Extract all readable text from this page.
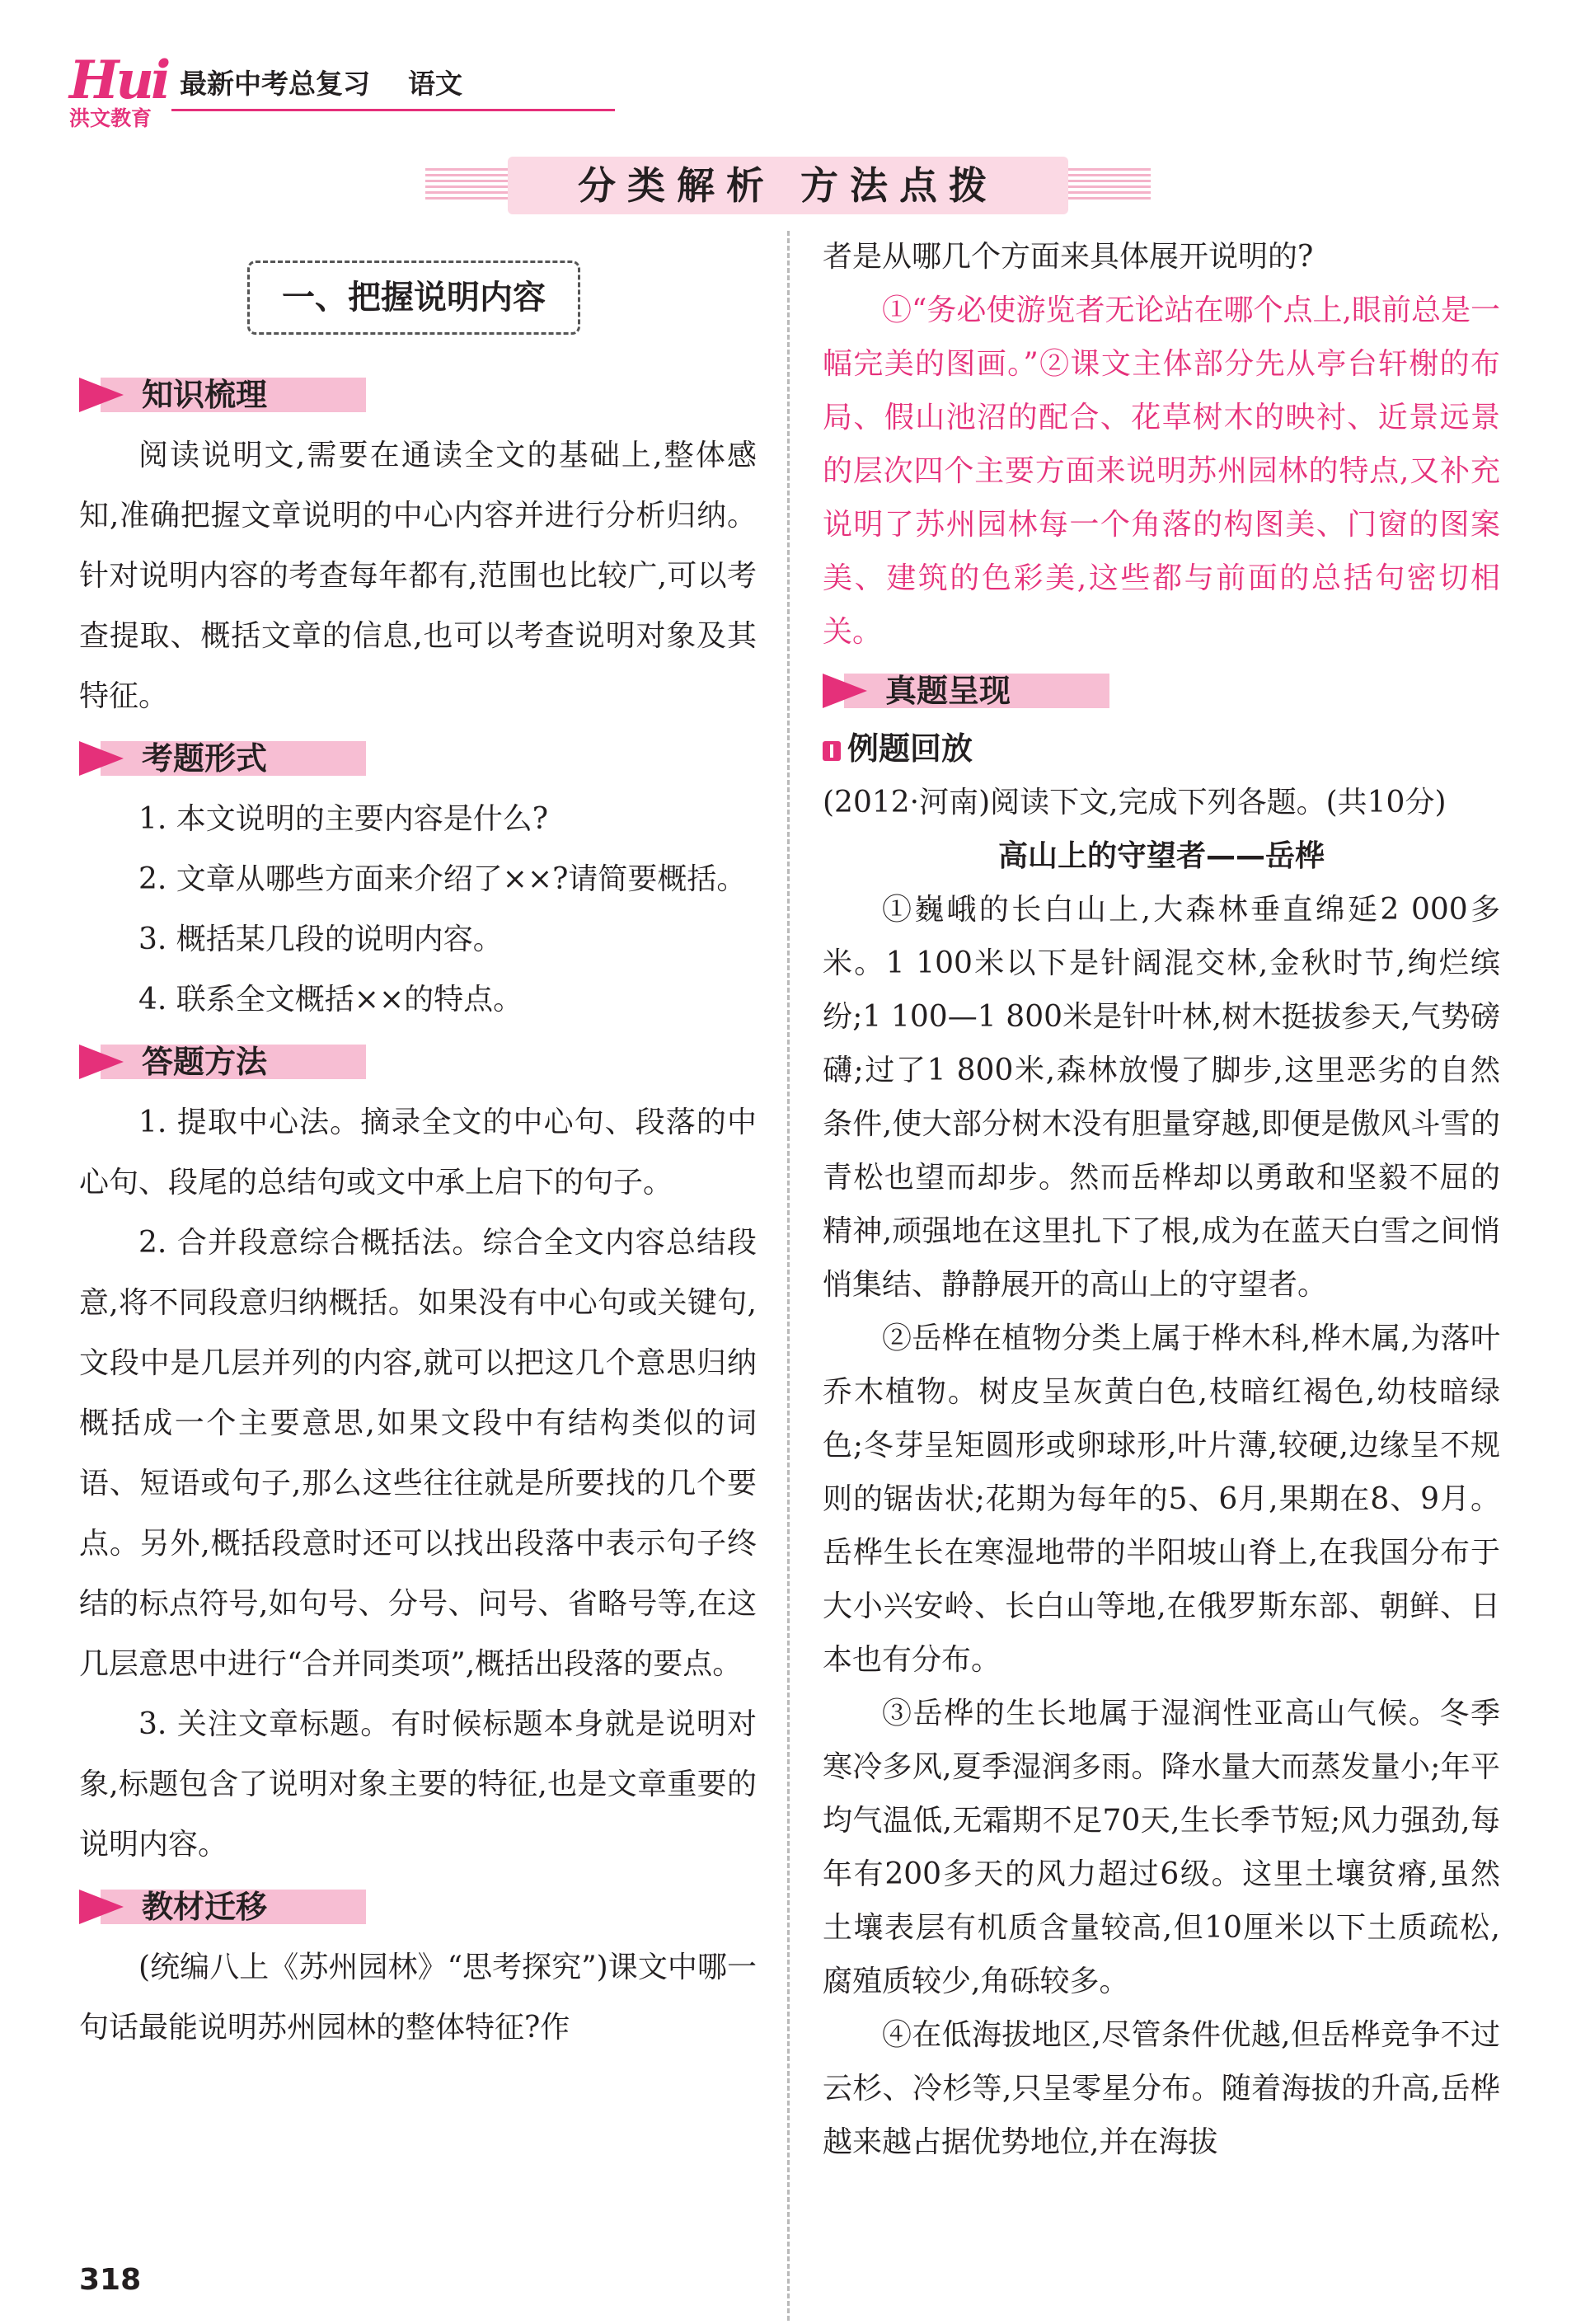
Hui
洪文教育
最新中考总复习 语文
分类解析 方法点拨
一、把握说明内容
知识梳理

阅读说明文,需要在通读全文的基础上,整体感知,准确把握文章说明的中心内容并进行分析归纳。针对说明内容的考查每年都有,范围也比较广,可以考查提取、概括文章的信息,也可以考查说明对象及其特征。

考题形式

1. 本文说明的主要内容是什么?

2. 文章从哪些方面来介绍了××?请简要概括。

3. 概括某几段的说明内容。

4. 联系全文概括××的特点。

答题方法

1. 提取中心法。摘录全文的中心句、段落的中心句、段尾的总结句或文中承上启下的句子。

2. 合并段意综合概括法。综合全文内容总结段意,将不同段意归纳概括。如果没有中心句或关键句,文段中是几层并列的内容,就可以把这几个意思归纳概括成一个主要意思,如果文段中有结构类似的词语、短语或句子,那么这些往往就是所要找的几个要点。另外,概括段意时还可以找出段落中表示句子终结的标点符号,如句号、分号、问号、省略号等,在这几层意思中进行“合并同类项”,概括出段落的要点。

3. 关注文章标题。有时候标题本身就是说明对象,标题包含了说明对象主要的特征,也是文章重要的说明内容。

教材迁移

(统编八上《苏州园林》“思考探究”)课文中哪一句话最能说明苏州园林的整体特征?作

者是从哪几个方面来具体展开说明的?

①“务必使游览者无论站在哪个点上,眼前总是一幅完美的图画。”②课文主体部分先从亭台轩榭的布局、假山池沼的配合、花草树木的映衬、近景远景的层次四个主要方面来说明苏州园林的特点,又补充说明了苏州园林每一个角落的构图美、门窗的图案美、建筑的色彩美,这些都与前面的总括句密切相关。

真题呈现

例题回放

(2012·河南)阅读下文,完成下列各题。(共10分)

高山上的守望者——岳桦

①巍峨的长白山上,大森林垂直绵延2 000多米。1 100米以下是针阔混交林,金秋时节,绚烂缤纷;1 100—1 800米是针叶林,树木挺拔参天,气势磅礴;过了1 800米,森林放慢了脚步,这里恶劣的自然条件,使大部分树木没有胆量穿越,即便是傲风斗雪的青松也望而却步。然而岳桦却以勇敢和坚毅不屈的精神,顽强地在这里扎下了根,成为在蓝天白雪之间悄悄集结、静静展开的高山上的守望者。

②岳桦在植物分类上属于桦木科,桦木属,为落叶乔木植物。树皮呈灰黄白色,枝暗红褐色,幼枝暗绿色;冬芽呈矩圆形或卵球形,叶片薄,较硬,边缘呈不规则的锯齿状;花期为每年的5、6月,果期在8、9月。岳桦生长在寒湿地带的半阳坡山脊上,在我国分布于大小兴安岭、长白山等地,在俄罗斯东部、朝鲜、日本也有分布。

③岳桦的生长地属于湿润性亚高山气候。冬季寒冷多风,夏季湿润多雨。降水量大而蒸发量小;年平均气温低,无霜期不足70天,生长季节短;风力强劲,每年有200多天的风力超过6级。这里土壤贫瘠,虽然土壤表层有机质含量较高,但10厘米以下土质疏松,腐殖质较少,角砾较多。

④在低海拔地区,尽管条件优越,但岳桦竞争不过云杉、冷杉等,只呈零星分布。随着海拔的升高,岳桦越来越占据优势地位,并在海拔

318
